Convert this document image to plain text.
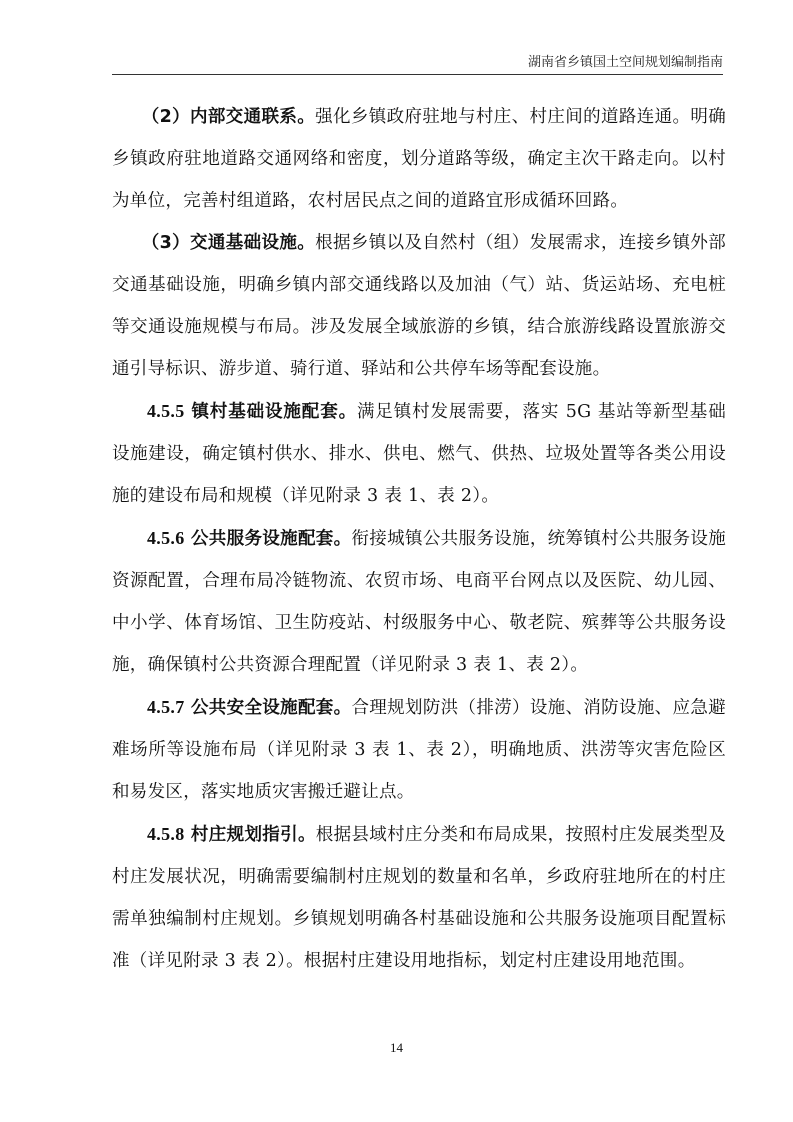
湖南省乡镇国土空间规划编制指南

（2）内部交通联系。强化乡镇政府驻地与村庄、村庄间的道路连通。明确乡镇政府驻地道路交通网络和密度，划分道路等级，确定主次干路走向。以村为单位，完善村组道路，农村居民点之间的道路宜形成循环回路。

（3）交通基础设施。根据乡镇以及自然村（组）发展需求，连接乡镇外部交通基础设施，明确乡镇内部交通线路以及加油（气）站、货运站场、充电桩等交通设施规模与布局。涉及发展全域旅游的乡镇，结合旅游线路设置旅游交通引导标识、游步道、骑行道、驿站和公共停车场等配套设施。

4.5.5 镇村基础设施配套。满足镇村发展需要，落实 5G 基站等新型基础设施建设，确定镇村供水、排水、供电、燃气、供热、垃圾处置等各类公用设施的建设布局和规模（详见附录 3 表 1、表 2）。

4.5.6 公共服务设施配套。衔接城镇公共服务设施，统筹镇村公共服务设施资源配置，合理布局冷链物流、农贸市场、电商平台网点以及医院、幼儿园、中小学、体育场馆、卫生防疫站、村级服务中心、敬老院、殡葬等公共服务设施，确保镇村公共资源合理配置（详见附录 3 表 1、表 2）。

4.5.7 公共安全设施配套。合理规划防洪（排涝）设施、消防设施、应急避难场所等设施布局（详见附录 3 表 1、表 2），明确地质、洪涝等灾害危险区和易发区，落实地质灾害搬迁避让点。

4.5.8 村庄规划指引。根据县域村庄分类和布局成果，按照村庄发展类型及村庄发展状况，明确需要编制村庄规划的数量和名单，乡政府驻地所在的村庄需单独编制村庄规划。乡镇规划明确各村基础设施和公共服务设施项目配置标准（详见附录 3 表 2）。根据村庄建设用地指标，划定村庄建设用地范围。

14
